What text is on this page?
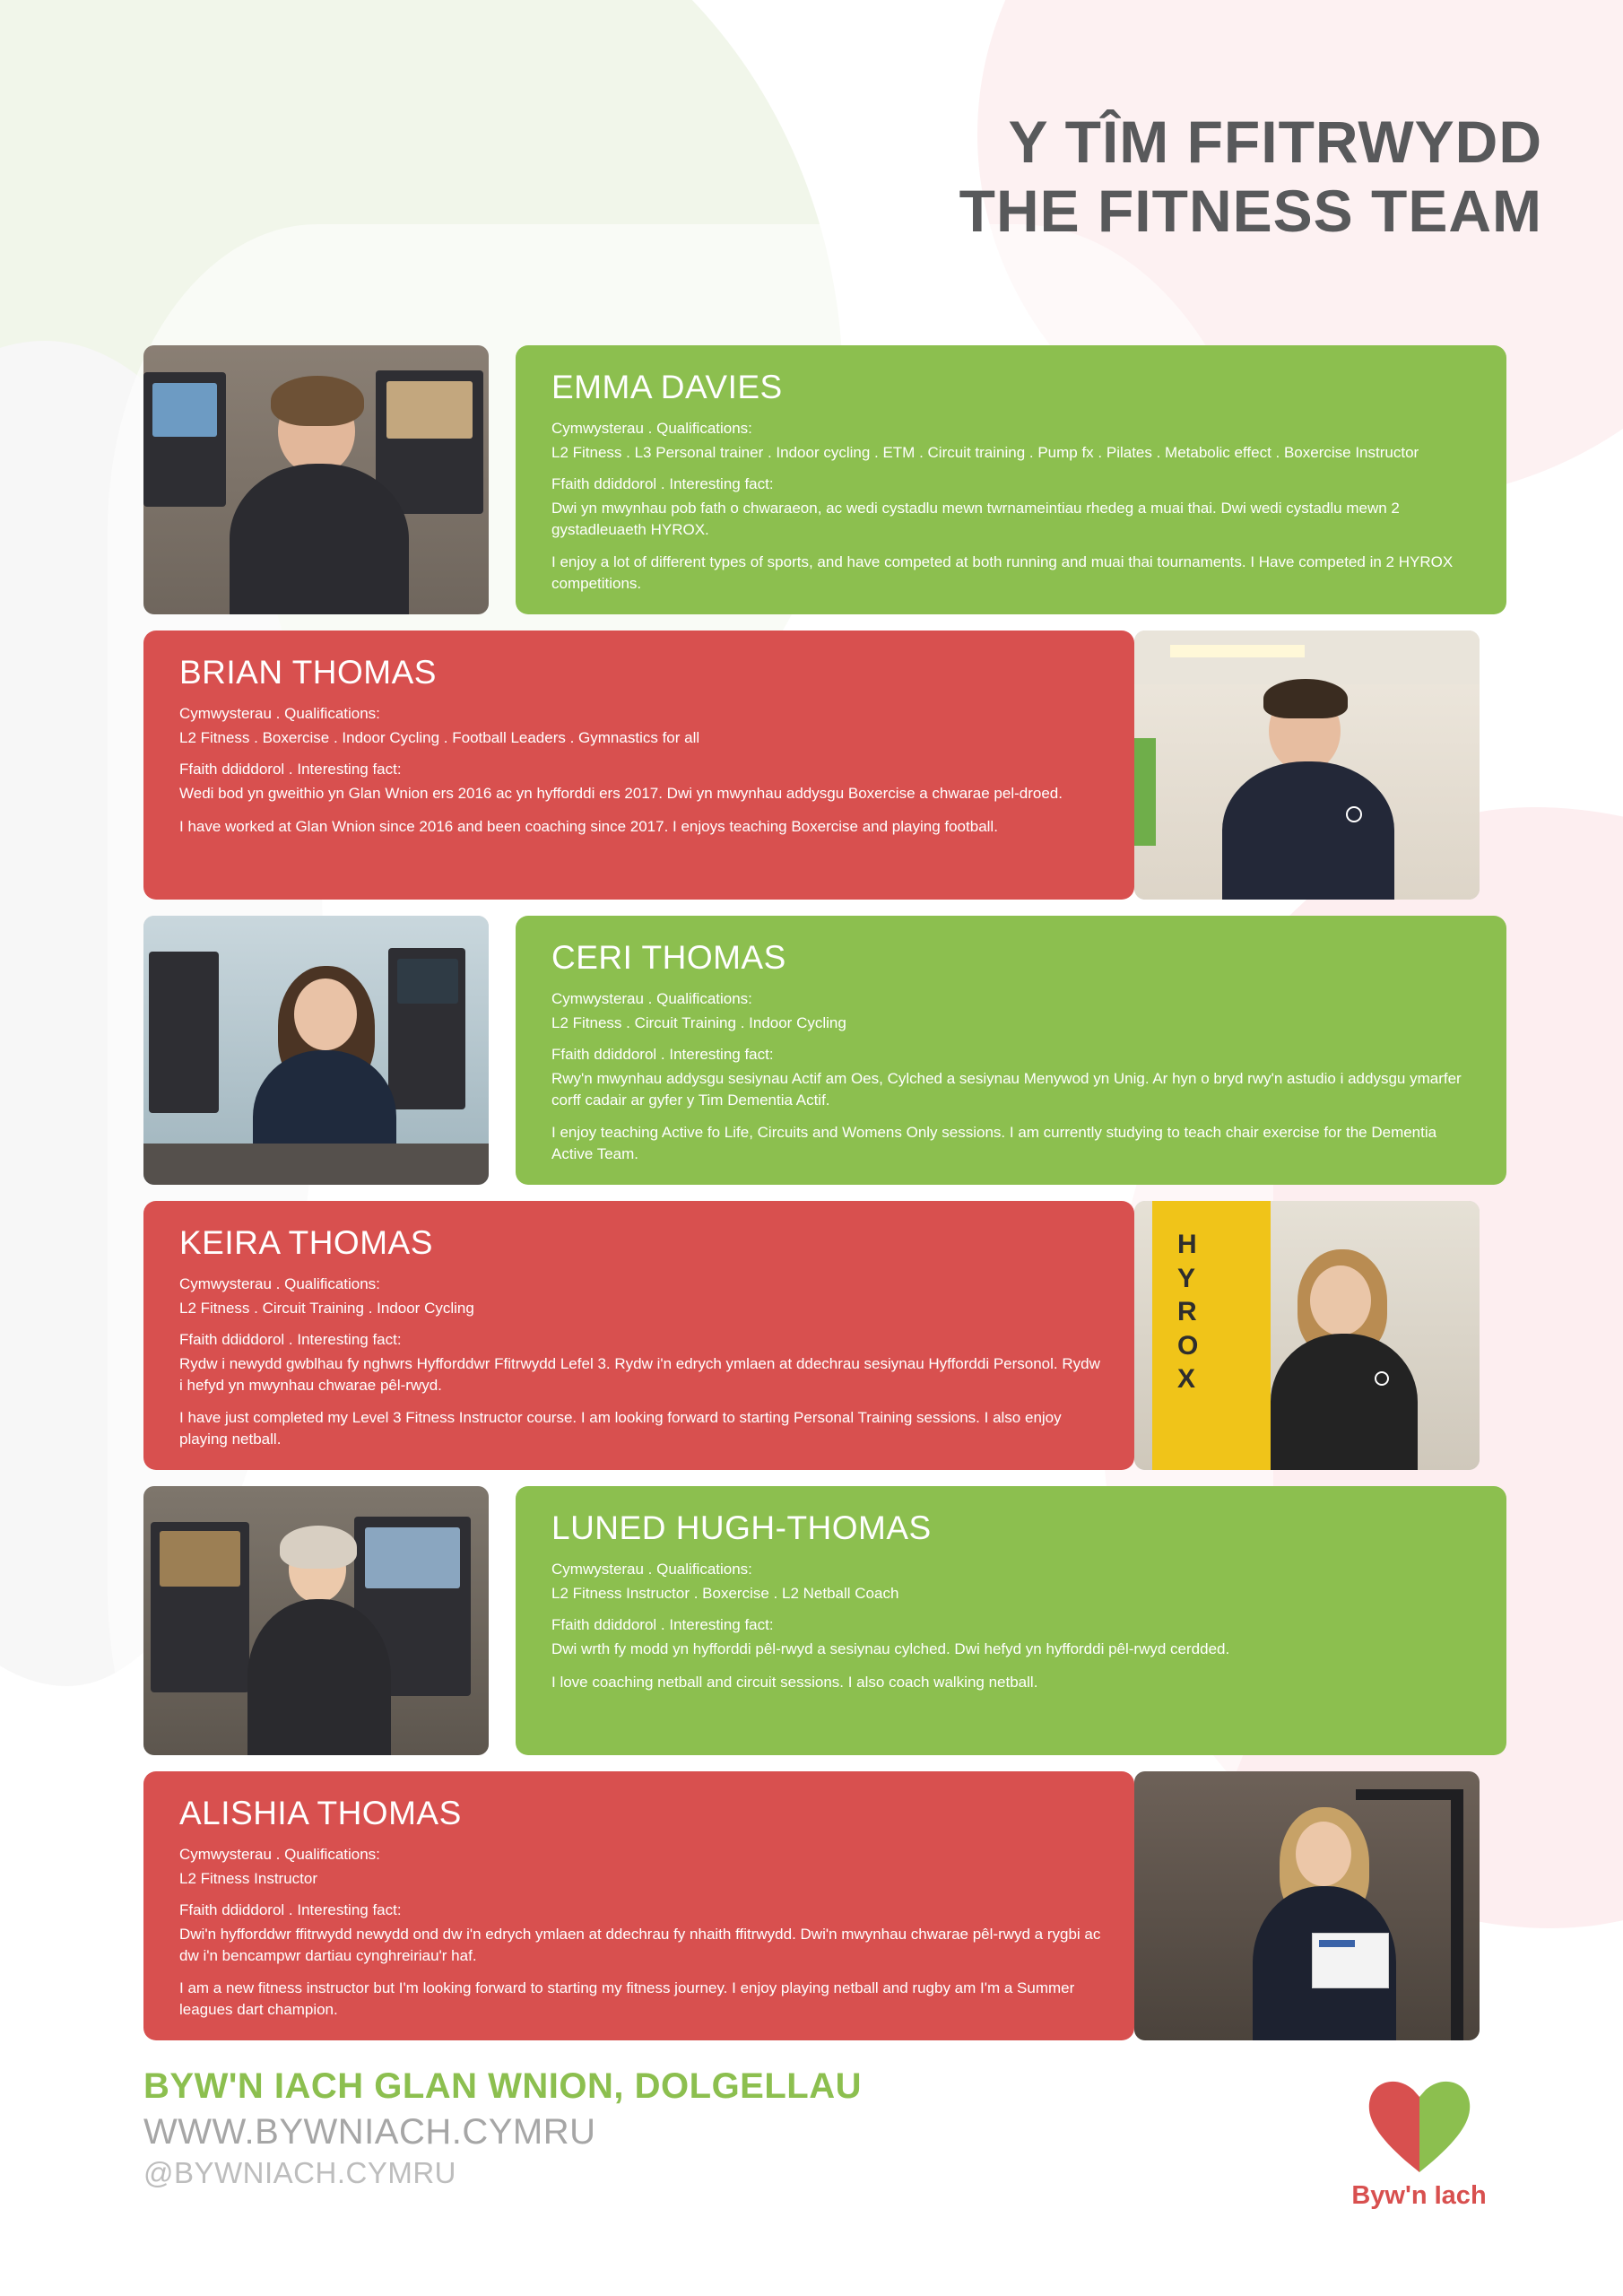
Y TÎM FFITRWYDD
THE FITNESS TEAM
EMMA DAVIES

Cymwysterau . Qualifications:

L2 Fitness . L3 Personal trainer . Indoor cycling . ETM . Circuit training . Pump fx . Pilates . Metabolic effect . Boxercise Instructor

Ffaith ddiddorol . Interesting fact:

Dwi yn mwynhau pob fath o chwaraeon, ac wedi cystadlu mewn twrnameintiau rhedeg a muai thai. Dwi wedi cystadlu mewn 2 gystadleuaeth HYROX.

I enjoy a lot of different types of sports, and have competed at both running and muai thai tournaments. I Have competed in 2 HYROX competitions.

BRIAN THOMAS

Cymwysterau . Qualifications:

L2 Fitness . Boxercise . Indoor Cycling . Football Leaders . Gymnastics for all

Ffaith ddiddorol . Interesting fact:

Wedi bod yn gweithio yn Glan Wnion ers 2016 ac yn hyfforddi ers 2017. Dwi yn mwynhau addysgu Boxercise a chwarae pel-droed.

I have worked at Glan Wnion since 2016 and been coaching since 2017. I enjoys teaching Boxercise and playing football.

CERI THOMAS

Cymwysterau . Qualifications:

L2 Fitness . Circuit Training . Indoor Cycling

Ffaith ddiddorol . Interesting fact:

Rwy'n mwynhau addysgu sesiynau Actif am Oes, Cylched a sesiynau Menywod yn Unig. Ar hyn o bryd rwy'n astudio i addysgu ymarfer corff cadair ar gyfer y Tim Dementia Actif.

I enjoy teaching Active fo Life, Circuits and Womens Only sessions. I am currently studying to teach chair exercise for the Dementia Active Team.

KEIRA THOMAS

Cymwysterau . Qualifications:

L2 Fitness . Circuit Training . Indoor Cycling

Ffaith ddiddorol . Interesting fact:

Rydw i newydd gwblhau fy nghwrs Hyfforddwr Ffitrwydd Lefel 3. Rydw i'n edrych ymlaen at ddechrau sesiynau Hyfforddi Personol. Rydw i hefyd yn mwynhau chwarae pêl-rwyd.

I have just completed my Level 3 Fitness Instructor course. I am looking forward to starting Personal Training sessions. I also enjoy playing netball.

H
Y
R
O
X
LUNED HUGH-THOMAS

Cymwysterau . Qualifications:

L2 Fitness Instructor . Boxercise . L2 Netball Coach

Ffaith ddiddorol . Interesting fact:

Dwi wrth fy modd yn hyfforddi pêl-rwyd a sesiynau cylched. Dwi hefyd yn hyfforddi pêl-rwyd cerdded.

I love coaching netball and circuit sessions. I also coach walking netball.

ALISHIA THOMAS

Cymwysterau . Qualifications:

L2 Fitness Instructor

Ffaith ddiddorol . Interesting fact:

Dwi'n hyfforddwr ffitrwydd newydd ond dw i'n edrych ymlaen at ddechrau fy nhaith ffitrwydd. Dwi'n mwynhau chwarae pêl-rwyd a rygbi ac dw i'n bencampwr dartiau cynghreiriau'r haf.

I am a new fitness instructor but I'm looking forward to starting my fitness journey. I enjoy playing netball and rugby am I'm a Summer leagues dart champion.

BYW'N IACH GLAN WNION, DOLGELLAU

WWW.BYWNIACH.CYMRU

@BYWNIACH.CYMRU

Byw'n Iach
